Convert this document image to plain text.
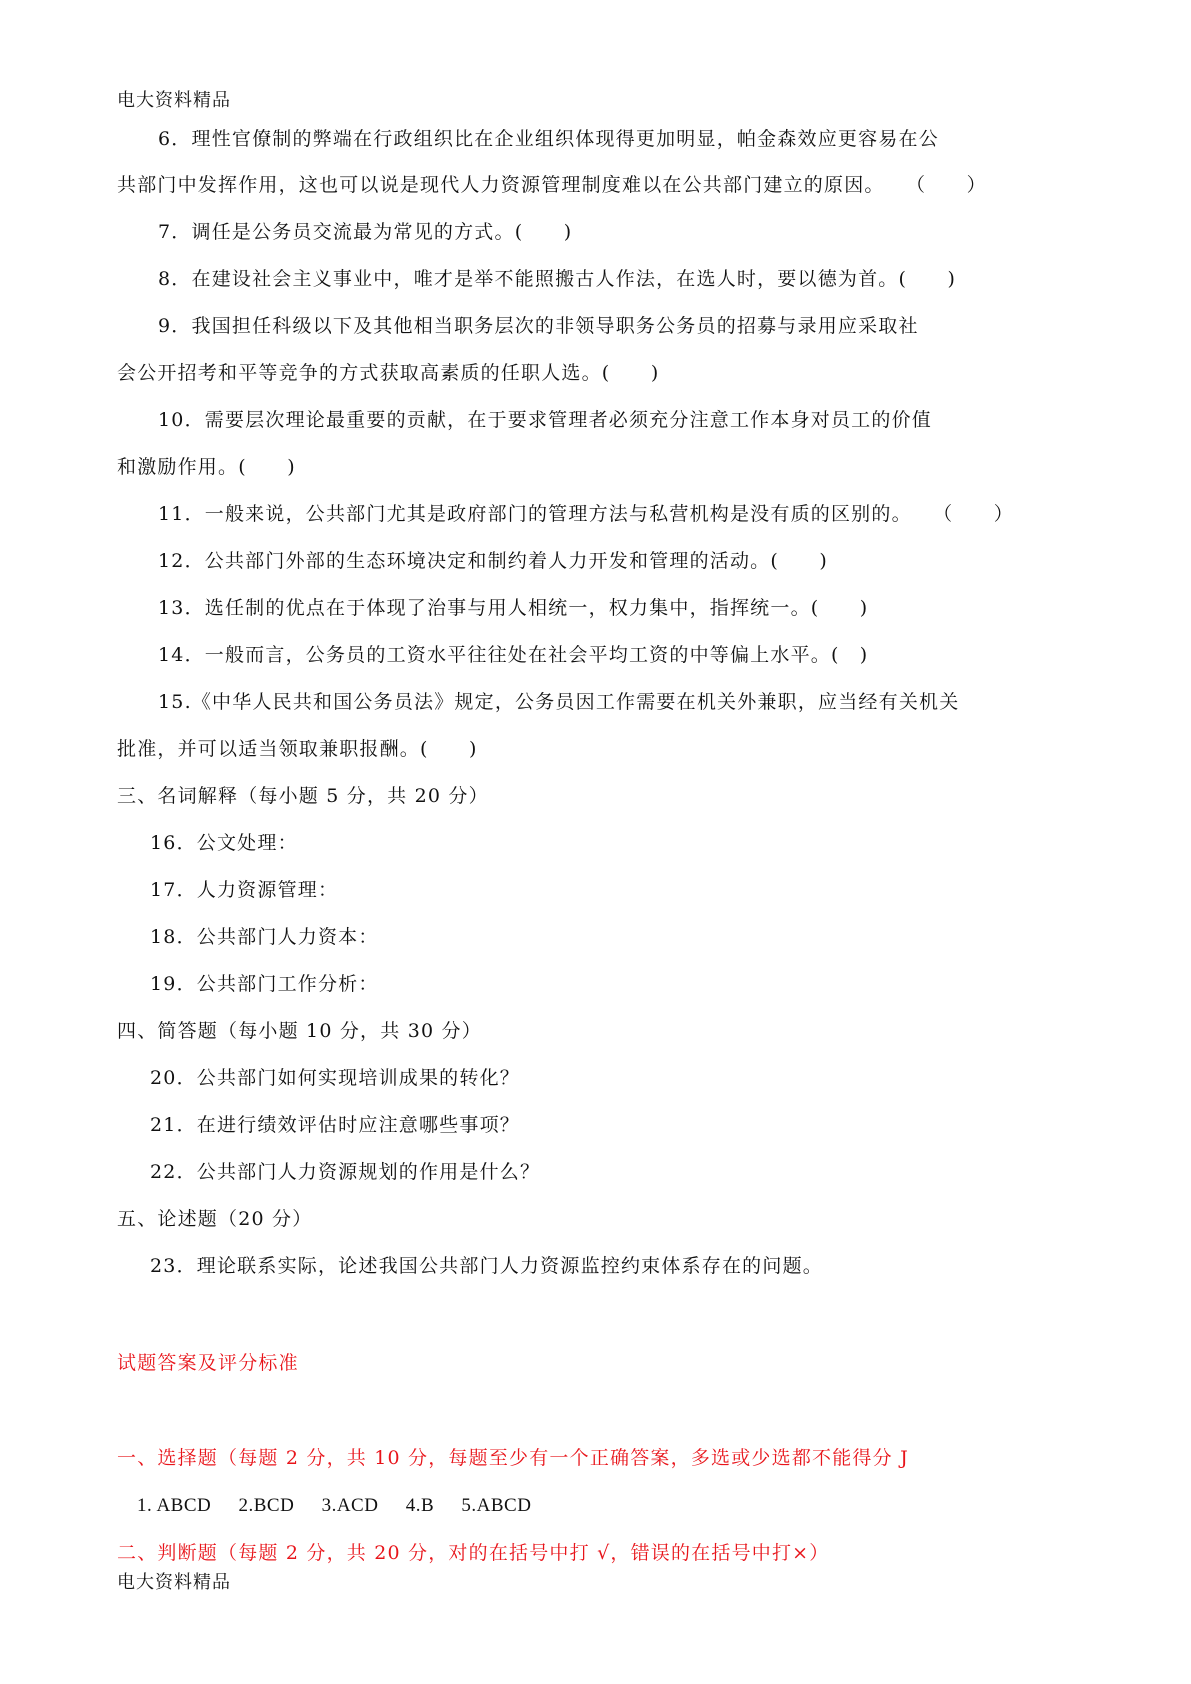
电大资料精品
6．理性官僚制的弊端在行政组织比在企业组织体现得更加明显，帕金森效应更容易在公
共部门中发挥作用，这也可以说是现代人力资源管理制度难以在公共部门建立的原因。　　（　　）
7．调任是公务员交流最为常见的方式。(　　)
8．在建设社会主义事业中，唯才是举不能照搬古人作法，在选人时，要以德为首。(　　)
9．我国担任科级以下及其他相当职务层次的非领导职务公务员的招募与录用应采取社
会公开招考和平等竞争的方式获取高素质的任职人选。(　　)
10．需要层次理论最重要的贡献，在于要求管理者必须充分注意工作本身对员工的价值
和激励作用。(　　)
11．一般来说，公共部门尤其是政府部门的管理方法与私营机构是没有质的区别的。　　（　　）
12．公共部门外部的生态环境决定和制约着人力开发和管理的活动。(　　)
13．选任制的优点在于体现了治事与用人相统一，权力集中，指挥统一。(　　)
14．一般而言，公务员的工资水平往往处在社会平均工资的中等偏上水平。(　)
15.《中华人民共和国公务员法》规定，公务员因工作需要在机关外兼职，应当经有关机关
批准，并可以适当领取兼职报酬。(　　)
三、名词解释（每小题 5 分，共 20 分）
16．公文处理：
17．人力资源管理：
18．公共部门人力资本：
19．公共部门工作分析：
四、简答题（每小题 10 分，共 30 分）
20．公共部门如何实现培训成果的转化？
21．在进行绩效评估时应注意哪些事项？
22．公共部门人力资源规划的作用是什么？
五、论述题（20 分）
23．理论联系实际，论述我国公共部门人力资源监控约束体系存在的问题。
试题答案及评分标准
一、选择题（每题 2 分，共 10 分，每题至少有一个正确答案，多选或少选都不能得分 J
1. ABCD 2.BCD 3.ACD 4.B 5.ABCD
二、判断题（每题 2 分，共 20 分，对的在括号中打 √，错误的在括号中打×）
电大资料精品
